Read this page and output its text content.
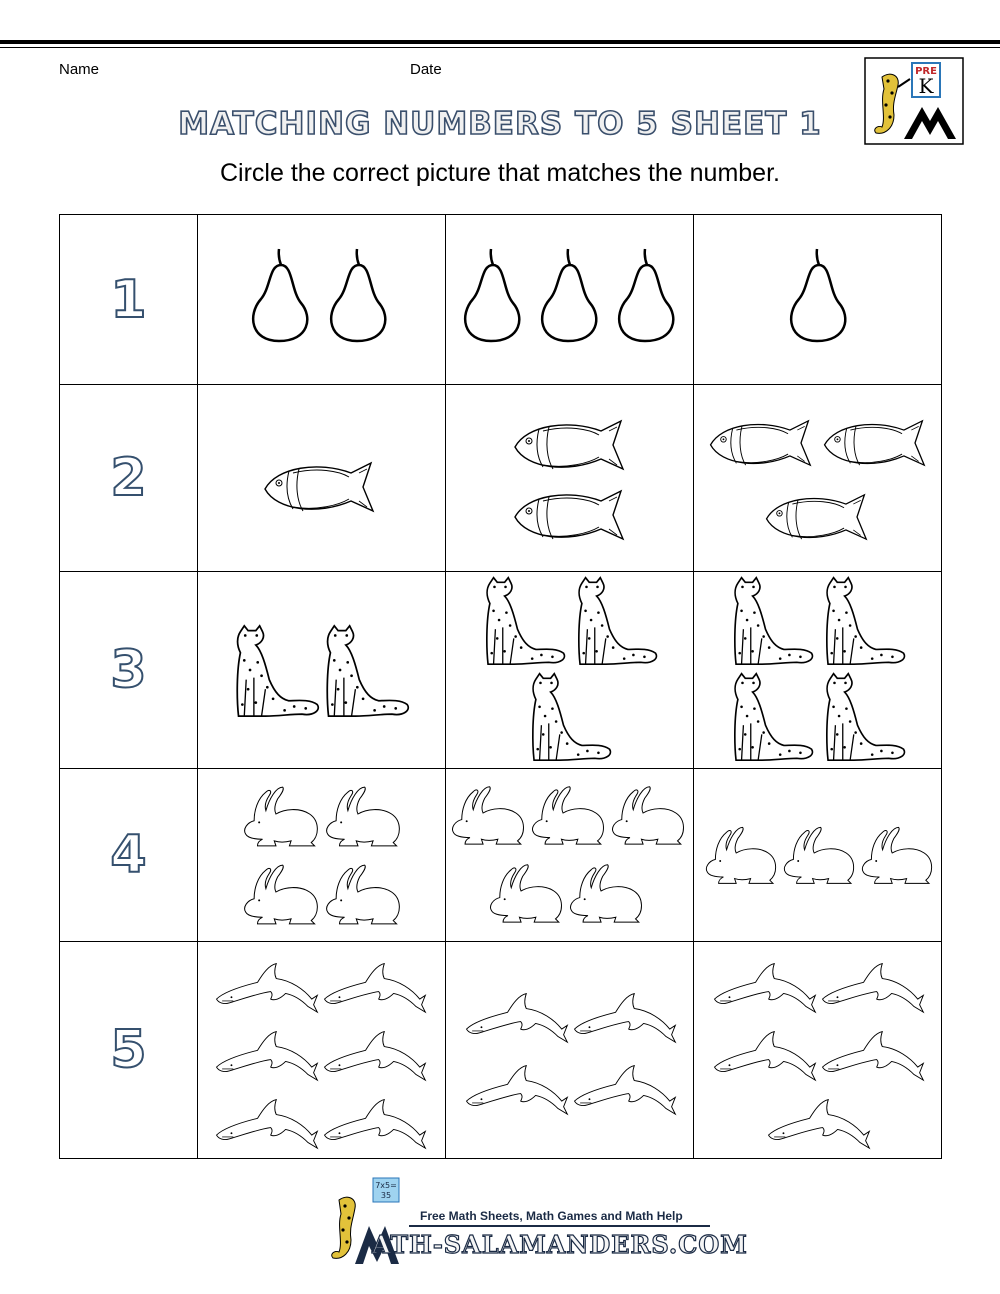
Name	Date	PRE
K
MATCHING NUMBERS TO 5 SHEET 1
Circle the correct picture that matches the number.
1

2

3

4

5

7x5=
35
Free Math Sheets, Math Games and Math Help
ATH-SALAMANDERS.COM
